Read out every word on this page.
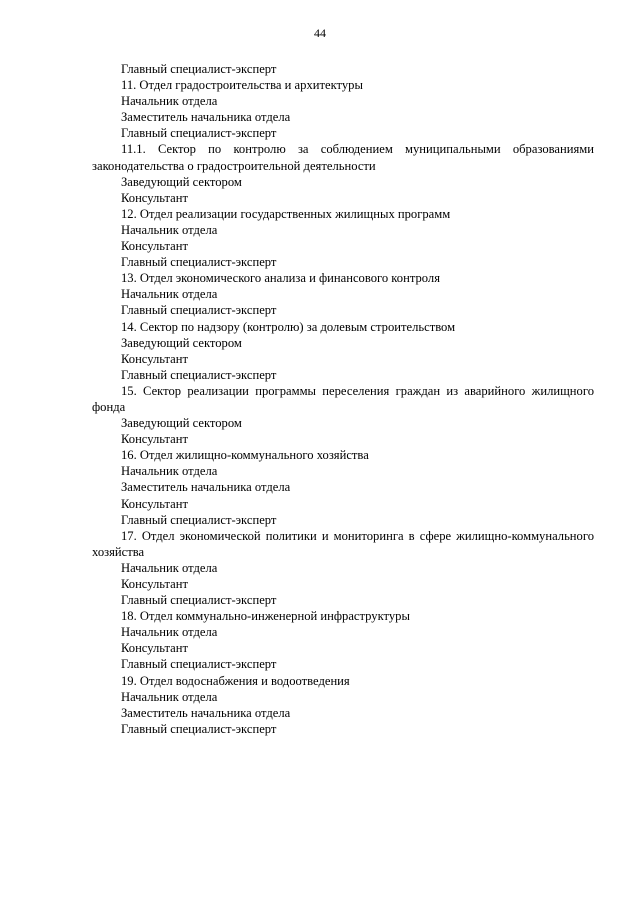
44
Главный специалист-эксперт
11. Отдел градостроительства и архитектуры
Начальник отдела
Заместитель начальника отдела
Главный специалист-эксперт
11.1. Сектор по контролю за соблюдением муниципальными образованиями законодательства о градостроительной деятельности
Заведующий сектором
Консультант
12. Отдел реализации государственных жилищных программ
Начальник отдела
Консультант
Главный специалист-эксперт
13. Отдел экономического анализа и финансового контроля
Начальник отдела
Главный специалист-эксперт
14. Сектор по надзору (контролю) за долевым строительством
Заведующий сектором
Консультант
Главный специалист-эксперт
15. Сектор реализации программы переселения граждан из аварийного жилищного фонда
Заведующий сектором
Консультант
16. Отдел жилищно-коммунального хозяйства
Начальник отдела
Заместитель начальника отдела
Консультант
Главный специалист-эксперт
17. Отдел экономической политики и мониторинга в сфере жилищно-коммунального хозяйства
Начальник отдела
Консультант
Главный специалист-эксперт
18. Отдел коммунально-инженерной инфраструктуры
Начальник отдела
Консультант
Главный специалист-эксперт
19. Отдел водоснабжения и водоотведения
Начальник отдела
Заместитель начальника отдела
Главный специалист-эксперт
